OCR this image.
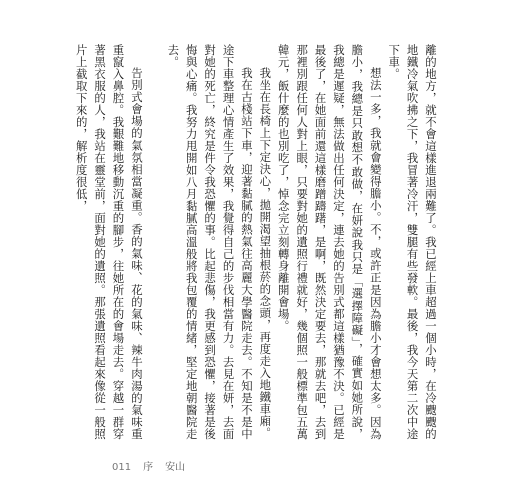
離的地方，就不會這樣進退兩難了。我已經上車超過一個小時，在冷颼颼的地鐵冷氣吹拂之下，我冒著冷汗，雙腿有些發軟。最後，我今天第二次中途下車。

想法一多，我就會變得膽小。不，或許正是因為膽小才會想太多。因為膽小，我總是只敢想不敢做，在妍說我只是「選擇障礙」，確實如她所說，我總是遲疑，無法做出任何決定，連去她的告別式都這樣猶豫不決。已經是最後了，在她面前還這樣磨蹭躊躇，是啊，既然決定要去，那就去吧，去到那裡別跟任何人對上眼，只要對她的遺照行禮就好，幾個照一般標準包五萬韓元，飯什麼的也別吃了，悼念完立刻轉身離開會場。

我坐在長椅上下定決心，拋開渴望抽根菸的念頭，再度走入地鐵車廂。

我在古棧站下車，迎著黏膩的熱氣往高麗大學醫院走去。不知是不是中途下車整理心情產生了效果，我覺得自己的步伐相當有力。去見在妍，去面對她的死亡，終究是件令我恐懼的事。比起悲傷，我更感到恐懼，接著是後悔與心痛。我努力甩開如八月黏膩高溫般將我包覆的情緒，堅定地朝醫院走去。

告別式會場的氣氛相當凝重。香的氣味、花的氣味、辣牛肉湯的氣味重重竄入鼻腔。我艱難地移動沉重的腳步，往她所在的會場走去。穿越一群穿著黑衣服的人，我站在靈堂前，面對她的遺照。那張遺照看起來像從一般照片上截取下來的，解析度很低，

011 序 安山
